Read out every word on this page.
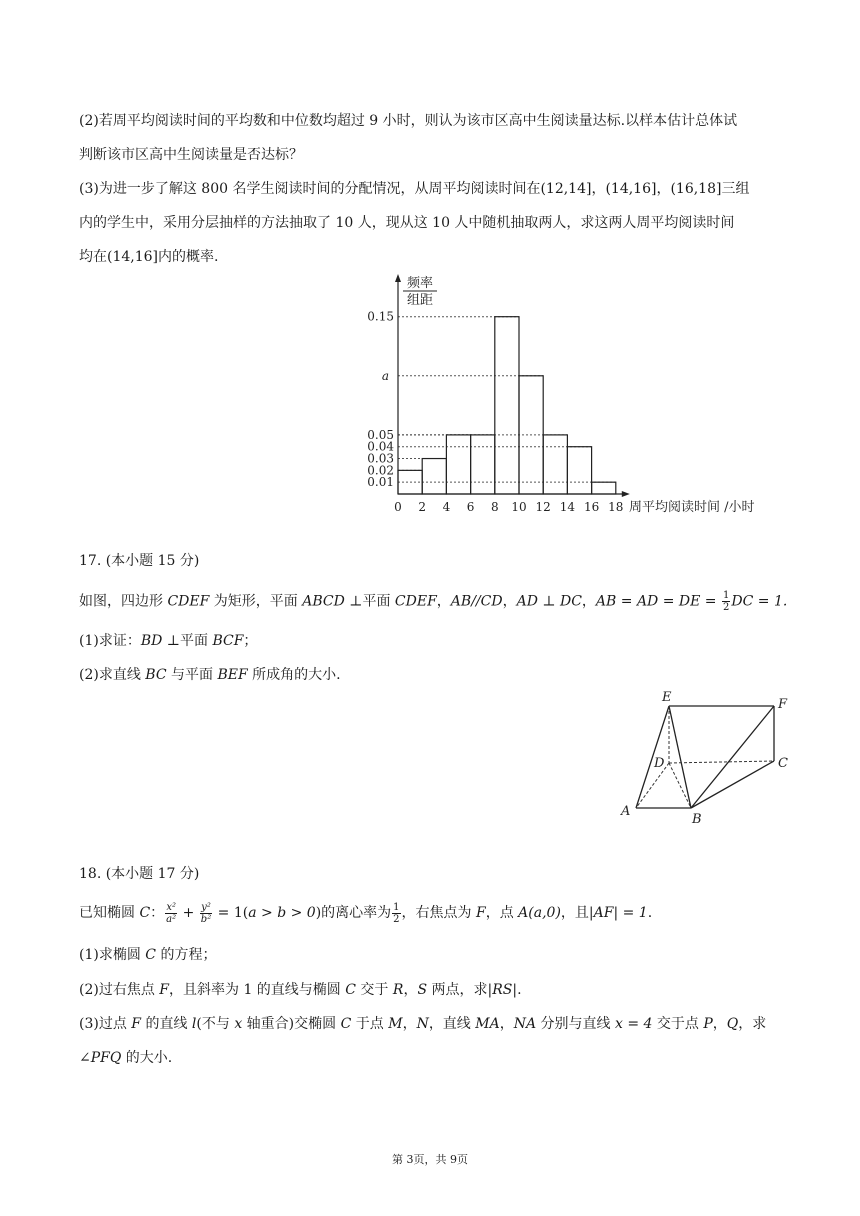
(2)若周平均阅读时间的平均数和中位数均超过 9 小时，则认为该市区高中生阅读量达标.以样本估计总体试
判断该市区高中生阅读量是否达标？
(3)为进一步了解这 800 名学生阅读时间的分配情况，从周平均阅读时间在(12,14]，(14,16]，(16,18]三组
内的学生中，采用分层抽样的方法抽取了 10 人，现从这 10 人中随机抽取两人，求这两人周平均阅读时间
均在(14,16]内的概率.
0 2 4 6 8 10 12 14 16 18 周平均阅读时间 /小时
0.01
0.02
0.03
0.04
0.05
a
0.15
频率
组距
17. (本小题 15 分)
如图，四边形 CDEF 为矩形，平面 ABCD ⊥平面 CDEF，AB//CD，AD ⊥ DC，AB = AD = DE = $\frac{1}{2}$ DC = 1.
(1)求证：BD ⊥平面 BCF；
(2)求直线 BC 与平面 BEF 所成角的大小.
E	F
D	C
A
B
18. (本小题 17 分)
已知椭圆 C： $\frac{\text{x²}}{\text{a²}} + \frac{\text{y²}}{\text{b²}} = 1(a > b > 0)$的离心率为 $\frac{1}{2}$ ，右焦点为 F，点 A(a,0)，且|AF| = 1.
(1)求椭圆 C 的方程；
(2)过右焦点 F，且斜率为 1 的直线与椭圆 C 交于 R，S 两点，求|RS|.
(3)过点 F 的直线 l(不与 x 轴重合)交椭圆 C 于点 M，N，直线 MA，NA 分别与直线 x = 4 交于点 P，Q，求
∠PFQ 的大小.
第 3页，共 9页
